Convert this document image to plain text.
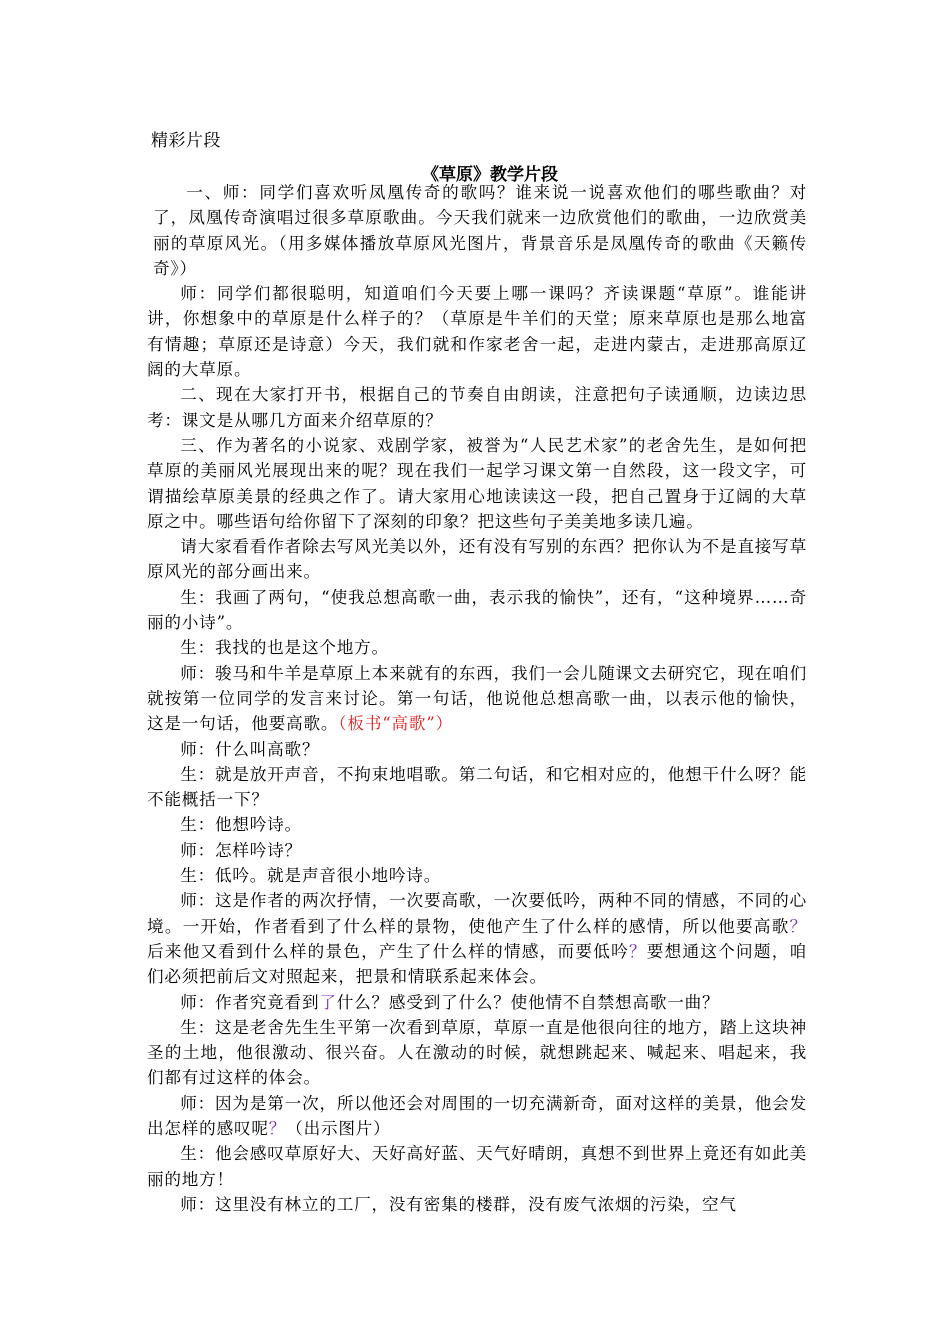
精彩片段
《草原》教学片段

一、师：同学们喜欢听凤凰传奇的歌吗？谁来说一说喜欢他们的哪些歌曲？对了，凤凰传奇演唱过很多草原歌曲。今天我们就来一边欣赏他们的歌曲，一边欣赏美丽的草原风光。（用多媒体播放草原风光图片，背景音乐是凤凰传奇的歌曲《天籁传奇》）

师：同学们都很聪明，知道咱们今天要上哪一课吗？齐读课题“草原”。谁能讲讲，你想象中的草原是什么样子的？（草原是牛羊们的天堂；原来草原也是那么地富有情趣；草原还是诗意）今天，我们就和作家老舍一起，走进内蒙古，走进那高原辽阔的大草原。

二、现在大家打开书，根据自己的节奏自由朗读，注意把句子读通顺，边读边思考：课文是从哪几方面来介绍草原的？

三、作为著名的小说家、戏剧学家，被誉为“人民艺术家”的老舍先生，是如何把草原的美丽风光展现出来的呢？现在我们一起学习课文第一自然段，这一段文字，可谓描绘草原美景的经典之作了。请大家用心地读读这一段，把自己置身于辽阔的大草原之中。哪些语句给你留下了深刻的印象？把这些句子美美地多读几遍。

请大家看看作者除去写风光美以外，还有没有写别的东西？把你认为不是直接写草原风光的部分画出来。

生：我画了两句，“使我总想高歌一曲，表示我的愉快”，还有，“这种境界……奇丽的小诗”。

生：我找的也是这个地方。

师：骏马和牛羊是草原上本来就有的东西，我们一会儿随课文去研究它，现在咱们就按第一位同学的发言来讨论。第一句话，他说他总想高歌一曲，以表示他的愉快，这是一句话，他要高歌。（板书“高歌”）

师：什么叫高歌？

生：就是放开声音，不拘束地唱歌。第二句话，和它相对应的，他想干什么呀？能不能概括一下？

生：他想吟诗。

师：怎样吟诗？

生：低吟。就是声音很小地吟诗。

师：这是作者的两次抒情，一次要高歌，一次要低吟，两种不同的情感，不同的心境。一开始，作者看到了什么样的景物，使他产生了什么样的感情，所以他要高歌？后来他又看到什么样的景色，产生了什么样的情感，而要低吟？要想通这个问题，咱们必须把前后文对照起来，把景和情联系起来体会。

师：作者究竟看到了什么？感受到了什么？使他情不自禁想高歌一曲？

生：这是老舍先生生平第一次看到草原，草原一直是他很向往的地方，踏上这块神圣的土地，他很激动、很兴奋。人在激动的时候，就想跳起来、喊起来、唱起来，我们都有过这样的体会。

师：因为是第一次，所以他还会对周围的一切充满新奇，面对这样的美景，他会发出怎样的感叹呢？（出示图片）

生：他会感叹草原好大、天好高好蓝、天气好晴朗，真想不到世界上竟还有如此美丽的地方！

师：这里没有林立的工厂，没有密集的楼群，没有废气浓烟的污染，空气
